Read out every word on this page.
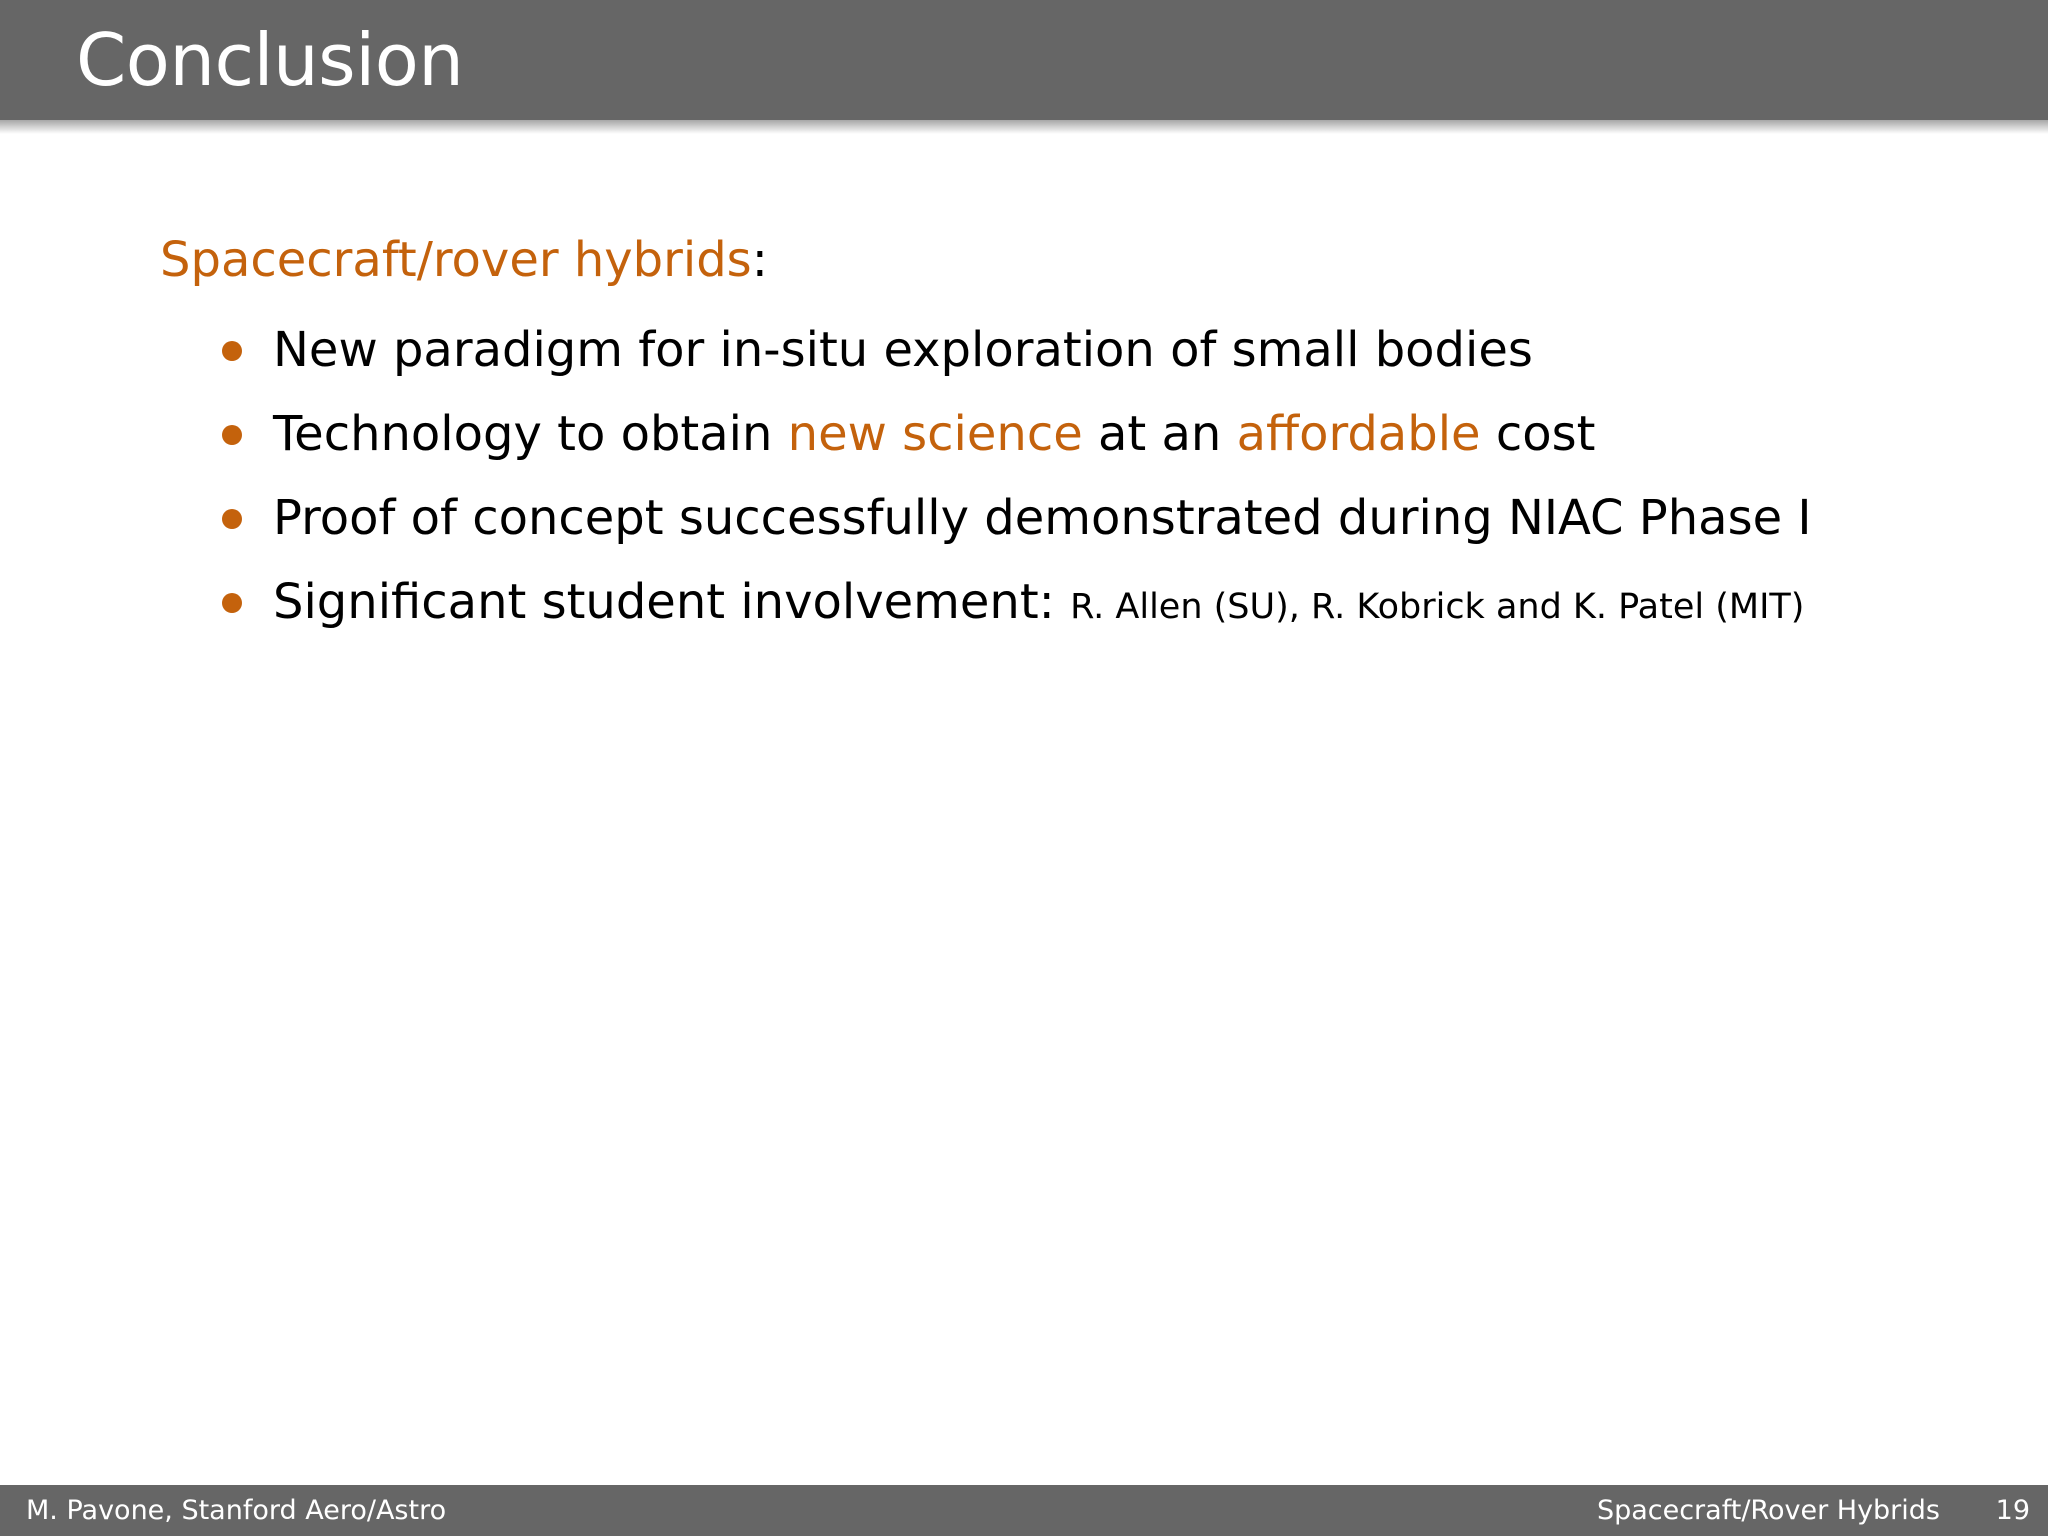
Conclusion
Spacecraft/rover hybrids:
New paradigm for in-situ exploration of small bodies
Technology to obtain new science at an affordable cost
Proof of concept successfully demonstrated during NIAC Phase I
Significant student involvement: R. Allen (SU), R. Kobrick and K. Patel (MIT)
M. Pavone, Stanford Aero/Astro	Spacecraft/Rover Hybrids 19
